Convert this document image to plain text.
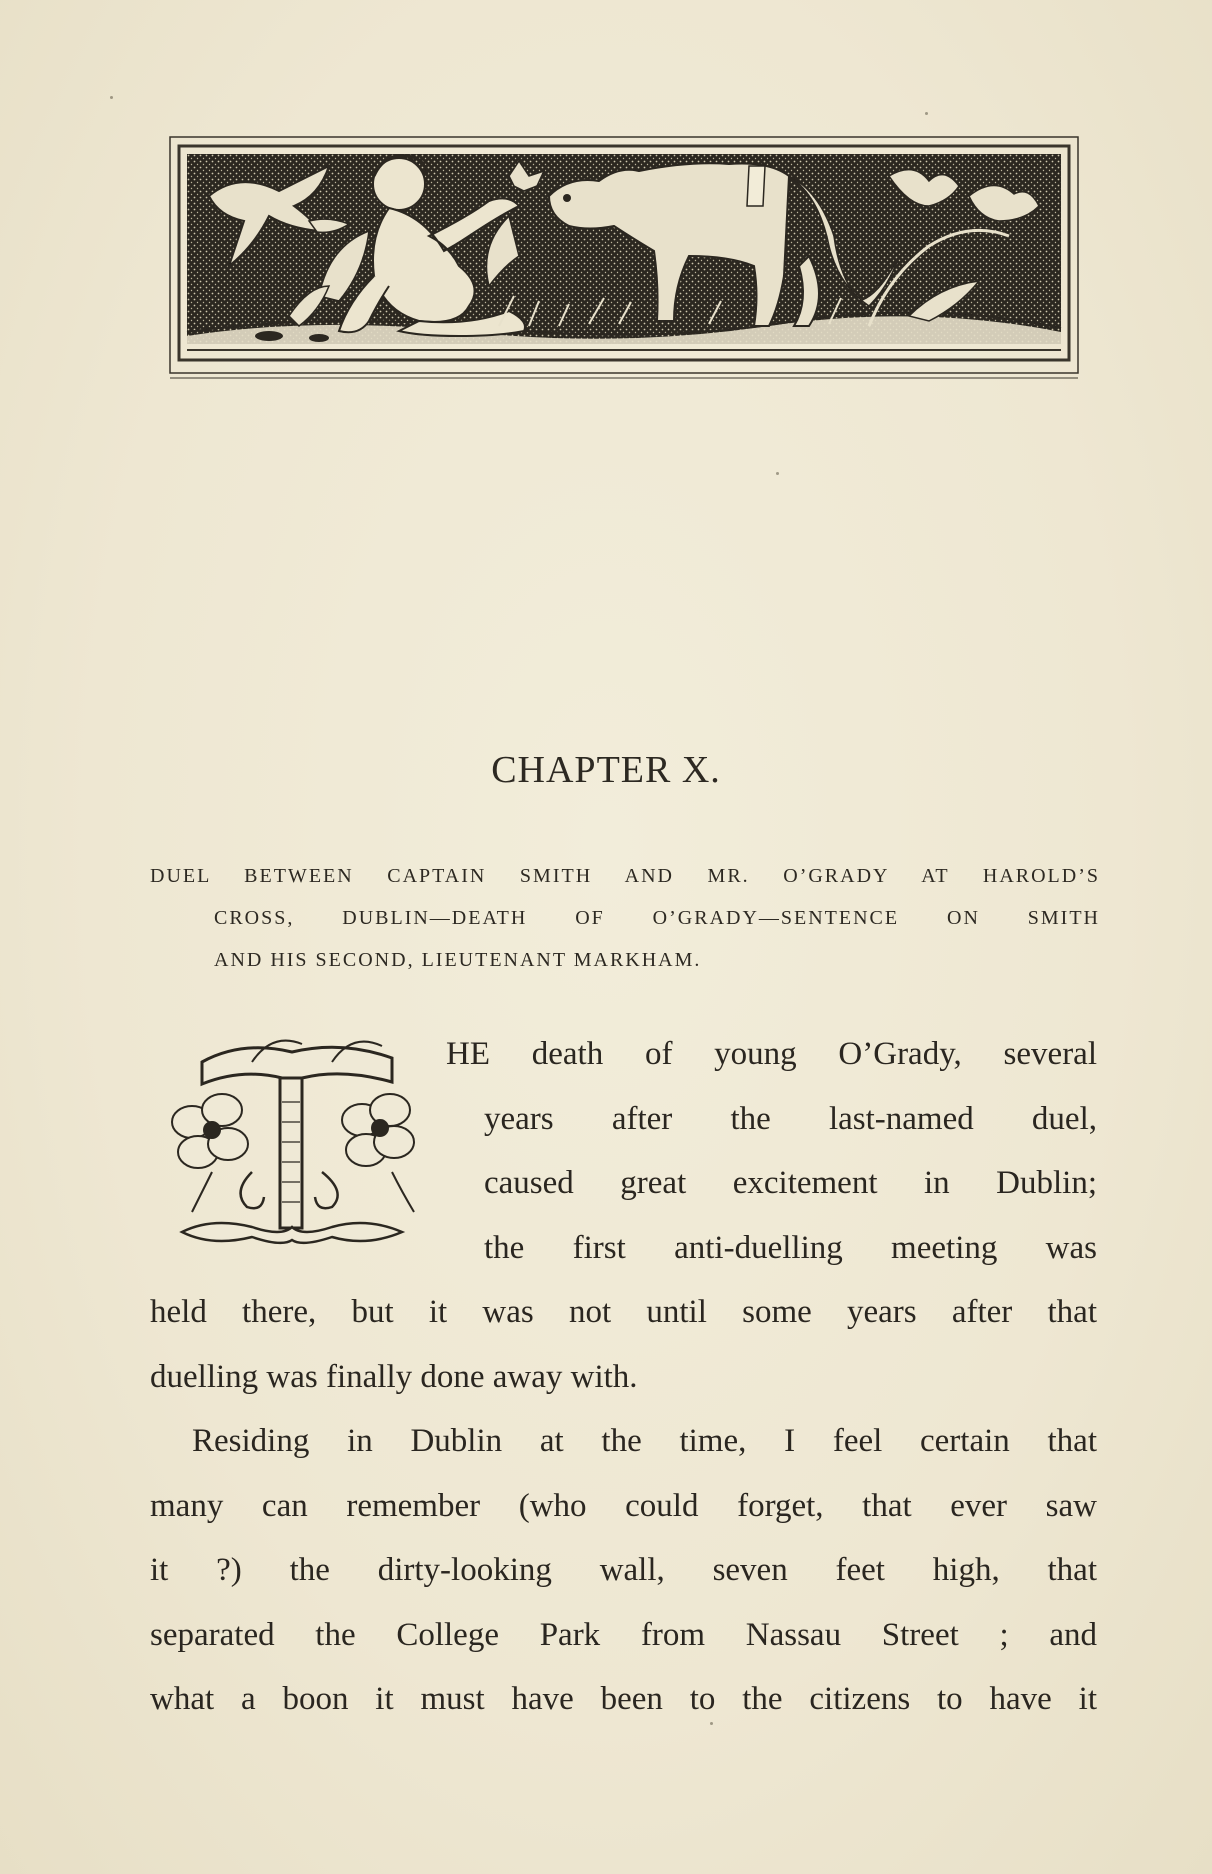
CHAPTER X.
DUEL BETWEEN CAPTAIN SMITH AND MR. O’GRADY AT HAROLD’S
CROSS, DUBLIN—DEATH OF O’GRADY—SENTENCE ON SMITH
AND HIS SECOND, LIEUTENANT MARKHAM.
HE death of young O’Grady, several
years after the last-named duel,
caused great excitement in Dublin;
the first anti-duelling meeting was
held there, but it was not until some years after that
duelling was finally done away with.
Residing in Dublin at the time, I feel certain that
many can remember (who could forget, that ever saw
it ?) the dirty-looking wall, seven feet high, that
separated the College Park from Nassau Street ; and
what a boon it must have been to the citizens to have it
